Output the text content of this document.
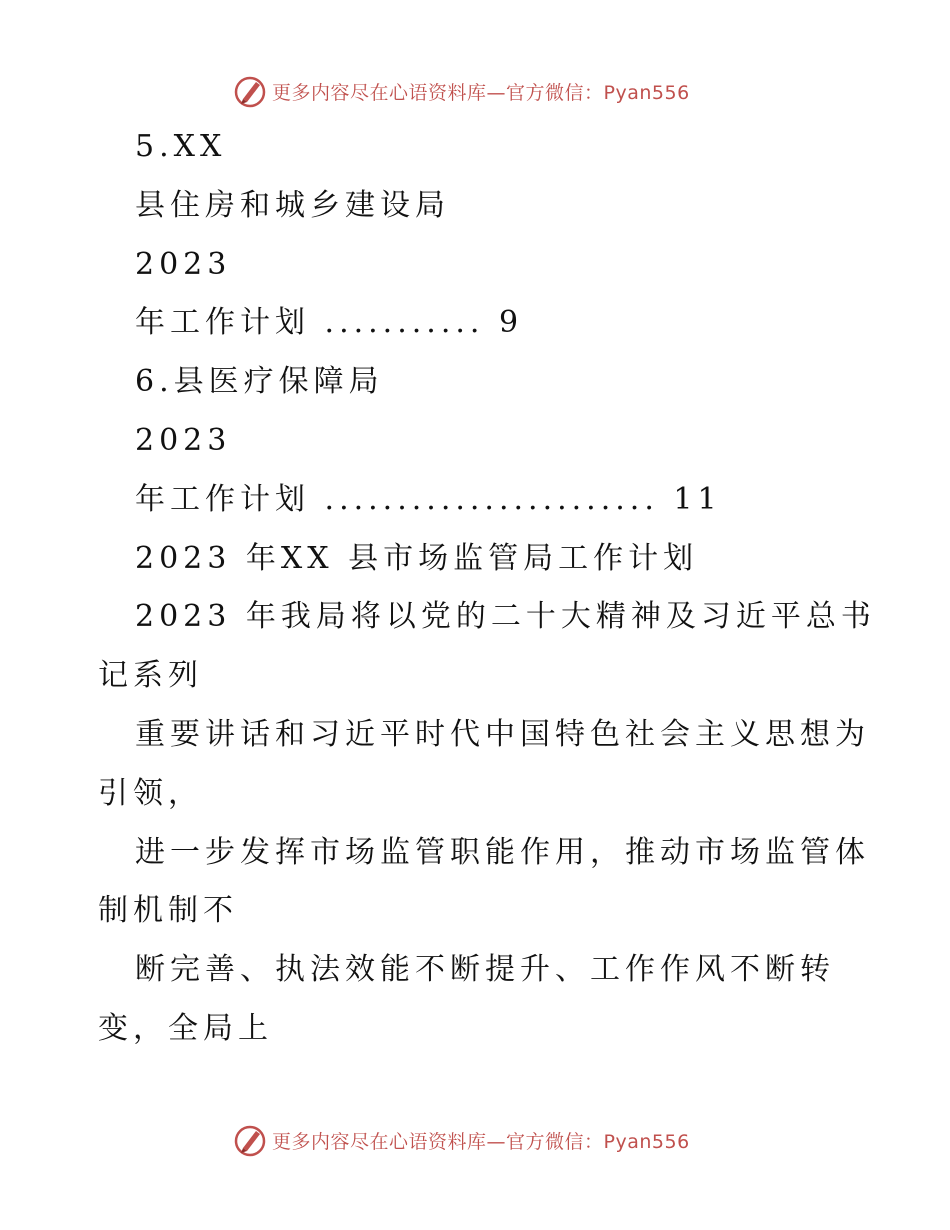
更多内容尽在心语资料库—官方微信：Pyan556
5.XX
县住房和城乡建设局
2023
年工作计划 ........... 9
6.县医疗保障局
2023
年工作计划 ....................... 11
2023 年XX 县市场监管局工作计划
2023 年我局将以党的二十大精神及习近平总书
记系列
重要讲话和习近平时代中国特色社会主义思想为
引领，
进一步发挥市场监管职能作用，推动市场监管体
制机制不
断完善、执法效能不断提升、工作作风不断转
变，全局上
更多内容尽在心语资料库—官方微信：Pyan556
